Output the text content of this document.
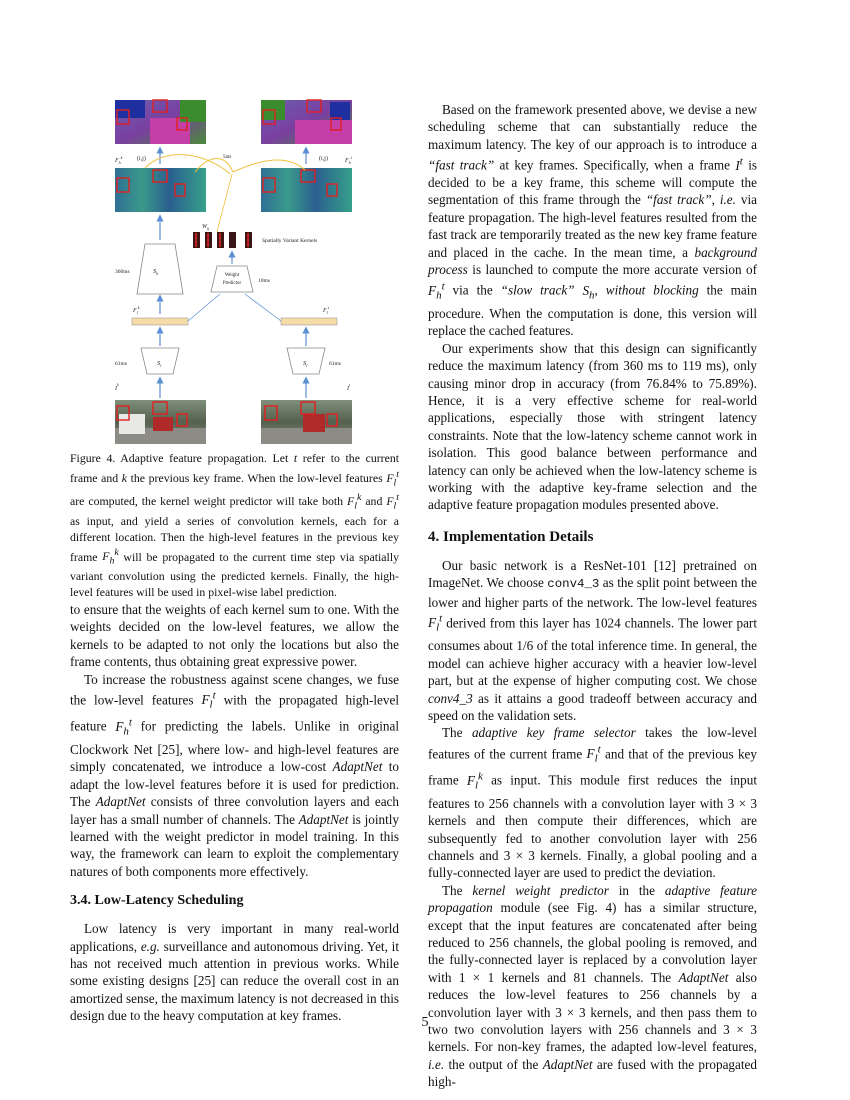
$F_h^k$ (i,j)	5ms	(i,j)	$F_h^t$
$W_{ij}$
Spatially Variant Kernels
$S_h$
360ms
Weight
Predictor	10ms
$F_l^k$
$F_l^t$
$S_l$
61ms	$S_l$	61ms
$I^k$
$I^t$
Figure 4. Adaptive feature propagation. Let t refer to the current frame and k the previous key frame. When the low-level features $F_l^t$ are computed, the kernel weight predictor will take both $F_l^k$ and $F_l^t$ as input, and yield a series of convolution kernels, each for a different location. Then the high-level features in the previous key frame $F_h^k$ will be propagated to the current time step via spatially variant convolution using the predicted kernels. Finally, the high-level features will be used in pixel-wise label prediction.

to ensure that the weights of each kernel sum to one. With the weights decided on the low-level features, we allow the kernels to be adapted to not only the locations but also the frame contents, thus obtaining great expressive power.

To increase the robustness against scene changes, we fuse the low-level features $F_l^t$ with the propagated high-level feature $F_h^t$ for predicting the labels. Unlike in original Clockwork Net [25], where low- and high-level features are simply concatenated, we introduce a low-cost AdaptNet to adapt the low-level features before it is used for prediction. The AdaptNet consists of three convolution layers and each layer has a small number of channels. The AdaptNet is jointly learned with the weight predictor in model training. In this way, the framework can learn to exploit the complementary natures of both components more effectively.

3.4. Low-Latency Scheduling

Low latency is very important in many real-world applications, e.g. surveillance and autonomous driving. Yet, it has not received much attention in previous works. While some existing designs [25] can reduce the overall cost in an amortized sense, the maximum latency is not decreased in this design due to the heavy computation at key frames.

Based on the framework presented above, we devise a new scheduling scheme that can substantially reduce the maximum latency. The key of our approach is to introduce a “fast track” at key frames. Specifically, when a frame $I^t$ is decided to be a key frame, this scheme will compute the segmentation of this frame through the “fast track”, i.e. via feature propagation. The high-level features resulted from the fast track are temporarily treated as the new key frame feature and placed in the cache. In the mean time, a background process is launched to compute the more accurate version of $F_h^t$ via the “slow track” $S_h$, without blocking the main procedure. When the computation is done, this version will replace the cached features.

Our experiments show that this design can significantly reduce the maximum latency (from 360 ms to 119 ms), only causing minor drop in accuracy (from 76.84% to 75.89%). Hence, it is a very effective scheme for real-world applications, especially those with stringent latency constraints. Note that the low-latency scheme cannot work in isolation. This good balance between performance and latency can only be achieved when the low-latency scheme is working with the adaptive key-frame selection and the adaptive feature propagation modules presented above.

4. Implementation Details

Our basic network is a ResNet-101 [12] pretrained on ImageNet. We choose conv4_3 as the split point between the lower and higher parts of the network. The low-level features $F_l^t$ derived from this layer has 1024 channels. The lower part consumes about 1/6 of the total inference time. In general, the model can achieve higher accuracy with a heavier low-level part, but at the expense of higher computing cost. We chose conv4_3 as it attains a good tradeoff between accuracy and speed on the validation sets.

The adaptive key frame selector takes the low-level features of the current frame $F_l^t$ and that of the previous key frame $F_l^k$ as input. This module first reduces the input features to 256 channels with a convolution layer with 3 × 3 kernels and then compute their differences, which are subsequently fed to another convolution layer with 256 channels and 3 × 3 kernels. Finally, a global pooling and a fully-connected layer are used to predict the deviation.

The kernel weight predictor in the adaptive feature propagation module (see Fig. 4) has a similar structure, except that the input features are concatenated after being reduced to 256 channels, the global pooling is removed, and the fully-connected layer is replaced by a convolution layer with 1 × 1 kernels and 81 channels. The AdaptNet also reduces the low-level features to 256 channels by a convolution layer with 3 × 3 kernels, and then pass them to two two convolution layers with 256 channels and 3 × 3 kernels. For non-key frames, the adapted low-level features, i.e. the output of the AdaptNet are fused with the propagated high-

5
